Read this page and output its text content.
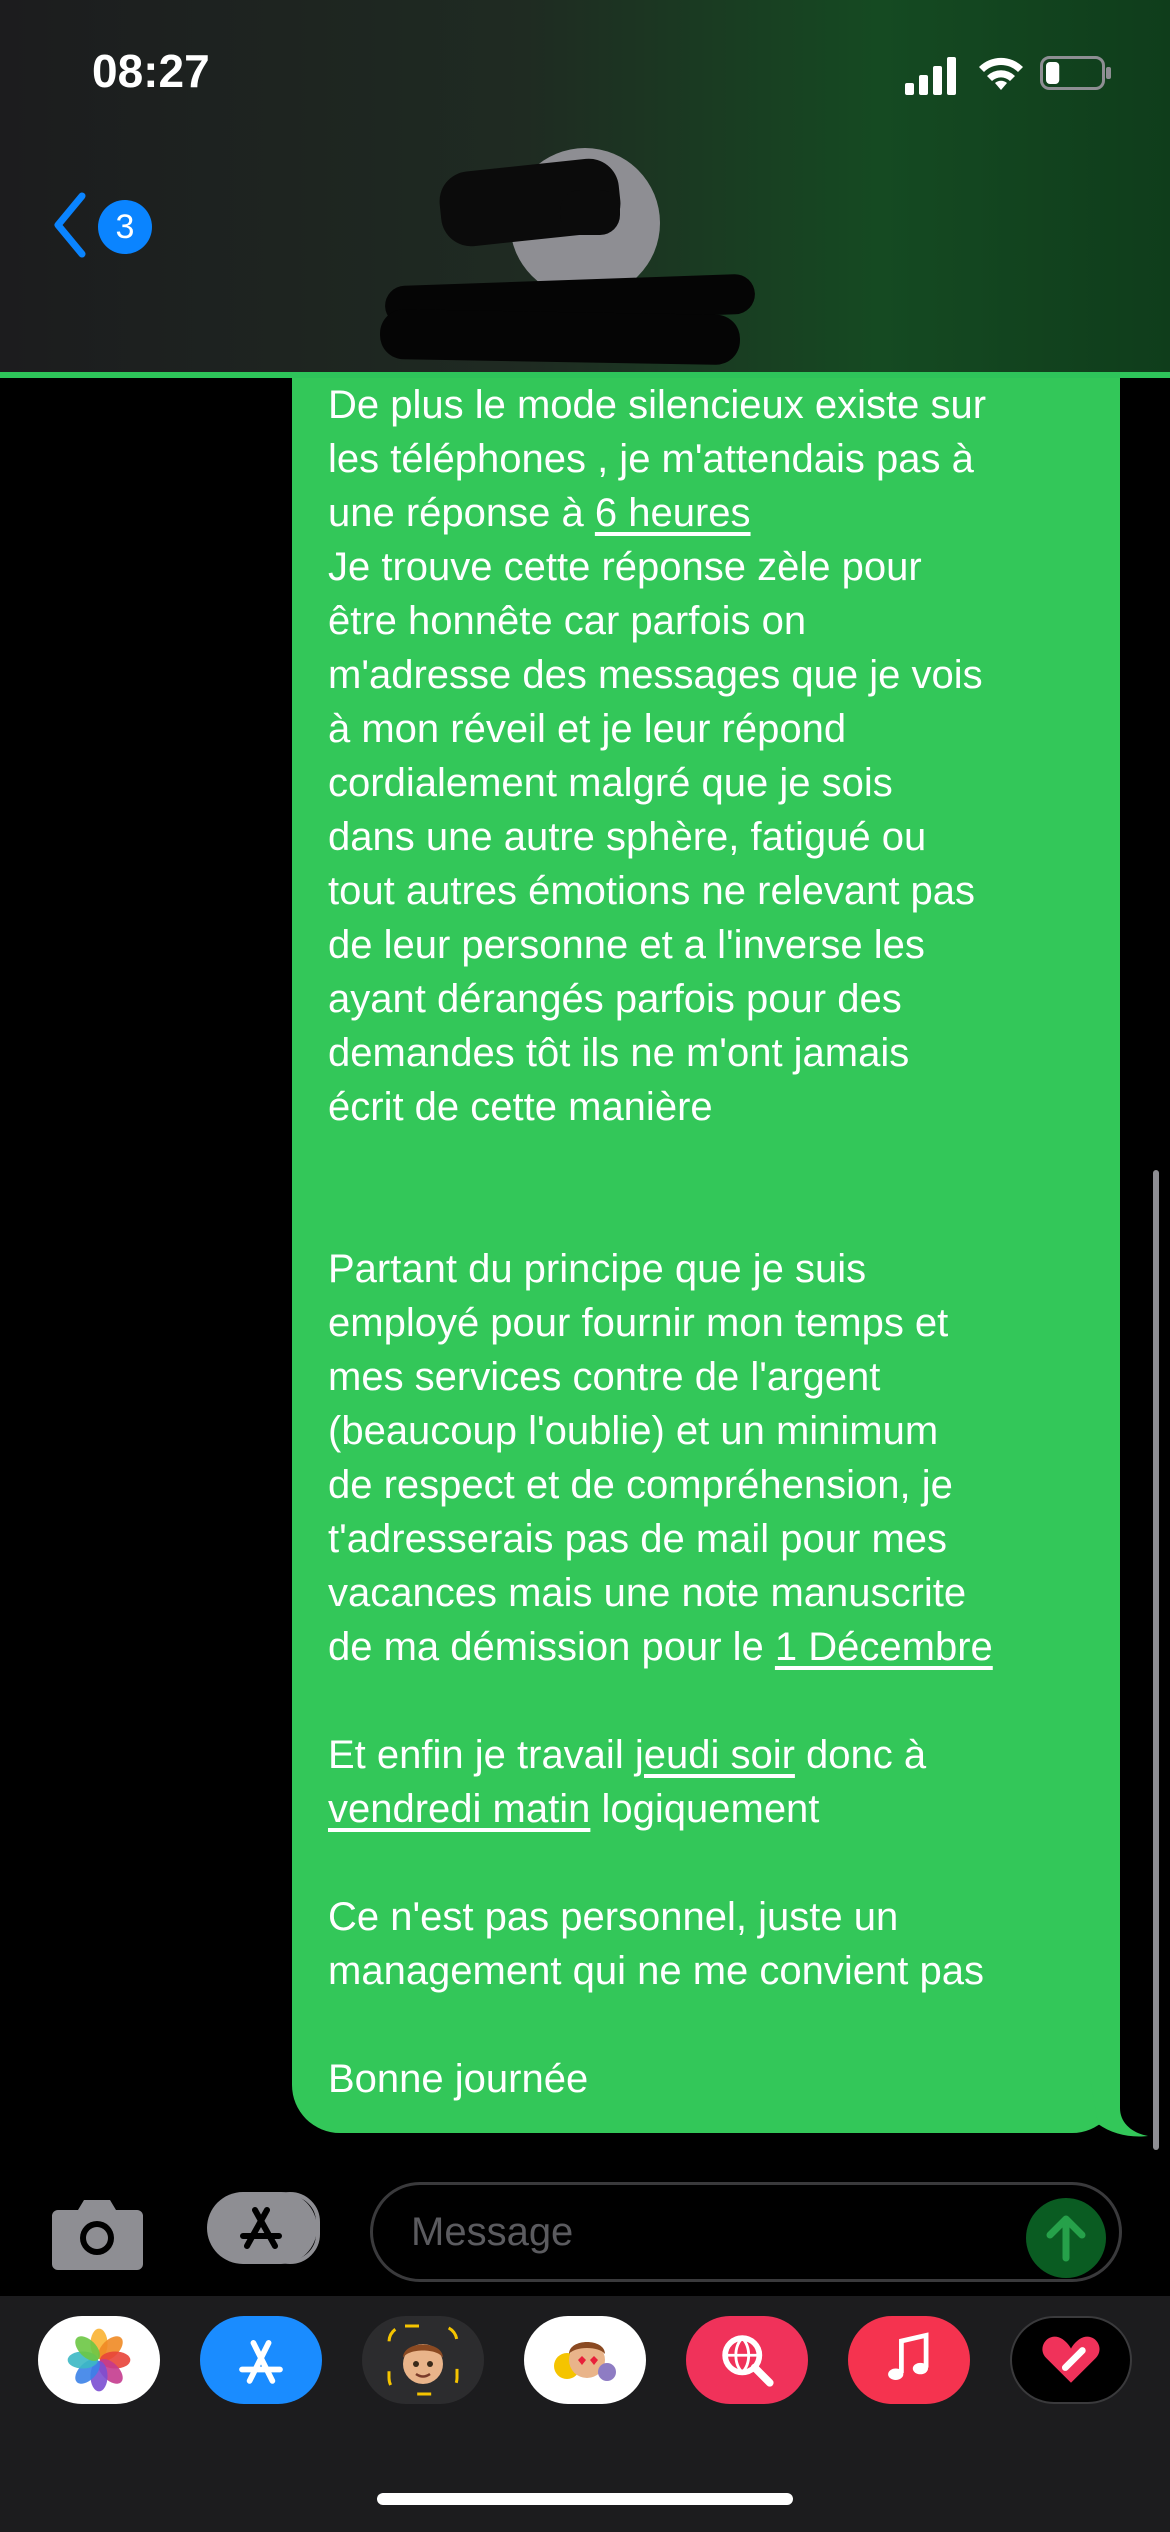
08:27
3
De plus le mode silencieux existe sur
les téléphones , je m'attendais pas à
une réponse à 6 heures
Je trouve cette réponse zèle pour
être honnête car parfois on
m'adresse des messages que je vois
à mon réveil et je leur répond
cordialement malgré que je sois
dans une autre sphère, fatigué ou
tout autres émotions ne relevant pas
de leur personne et a l'inverse les
ayant dérangés parfois pour des
demandes tôt ils ne m'ont jamais
écrit de cette manière

Partant du principe que je suis
employé pour fournir mon temps et
mes services contre de l'argent
(beaucoup l'oublie) et un minimum
de respect et de compréhension, je
t'adresserais pas de mail pour mes
vacances mais une note manuscrite
de ma démission pour le 1 Décembre

Et enfin je travail jeudi soir donc à
vendredi matin logiquement

Ce n'est pas personnel, juste un
management qui ne me convient pas

Bonne journée
Message
